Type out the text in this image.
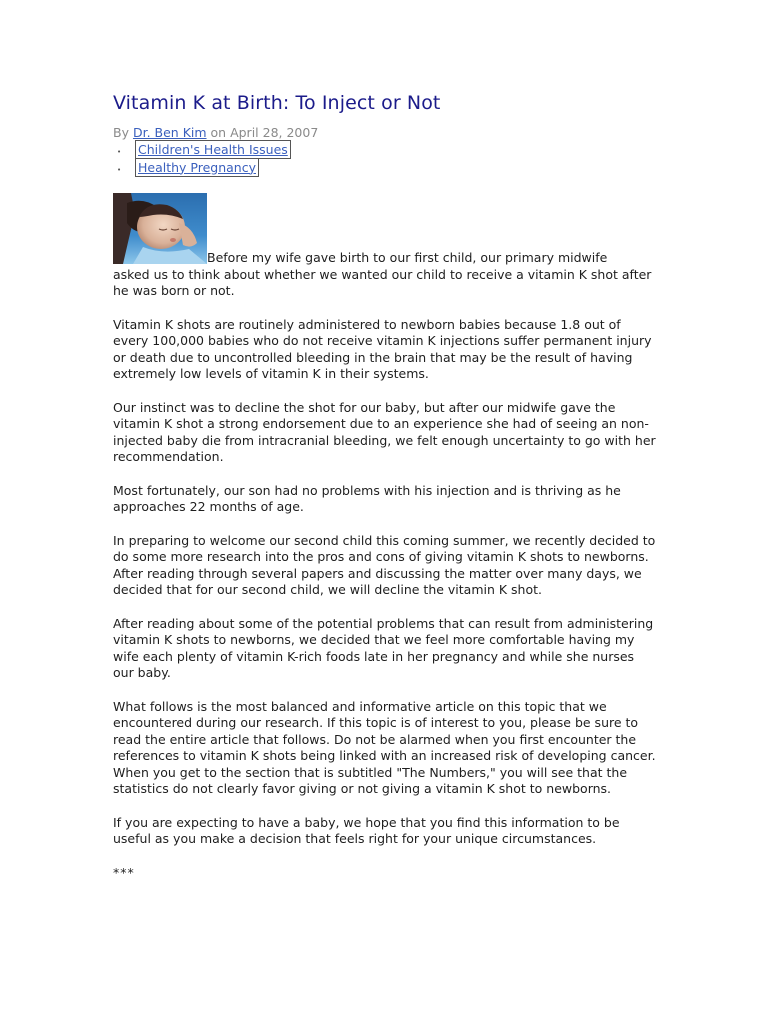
Vitamin K at Birth: To Inject or Not
By Dr. Ben Kim on April 28, 2007
• Children's Health Issues
• Healthy Pregnancy

Before my wife gave birth to our first child, our primary midwife
asked us to think about whether we wanted our child to receive a vitamin K shot after he was born or not.

Vitamin K shots are routinely administered to newborn babies because 1.8 out of every 100,000 babies who do not receive vitamin K injections suffer permanent injury or death due to uncontrolled bleeding in the brain that may be the result of having extremely low levels of vitamin K in their systems.

Our instinct was to decline the shot for our baby, but after our midwife gave the vitamin K shot a strong endorsement due to an experience she had of seeing an non-injected baby die from intracranial bleeding, we felt enough uncertainty to go with her recommendation.

Most fortunately, our son had no problems with his injection and is thriving as he approaches 22 months of age.

In preparing to welcome our second child this coming summer, we recently decided to do some more research into the pros and cons of giving vitamin K shots to newborns. After reading through several papers and discussing the matter over many days, we decided that for our second child, we will decline the vitamin K shot.

After reading about some of the potential problems that can result from administering vitamin K shots to newborns, we decided that we feel more comfortable having my wife each plenty of vitamin K-rich foods late in her pregnancy and while she nurses our baby.

What follows is the most balanced and informative article on this topic that we encountered during our research. If this topic is of interest to you, please be sure to read the entire article that follows. Do not be alarmed when you first encounter the references to vitamin K shots being linked with an increased risk of developing cancer. When you get to the section that is subtitled "The Numbers," you will see that the statistics do not clearly favor giving or not giving a vitamin K shot to newborns.

If you are expecting to have a baby, we hope that you find this information to be useful as you make a decision that feels right for your unique circumstances.

***
